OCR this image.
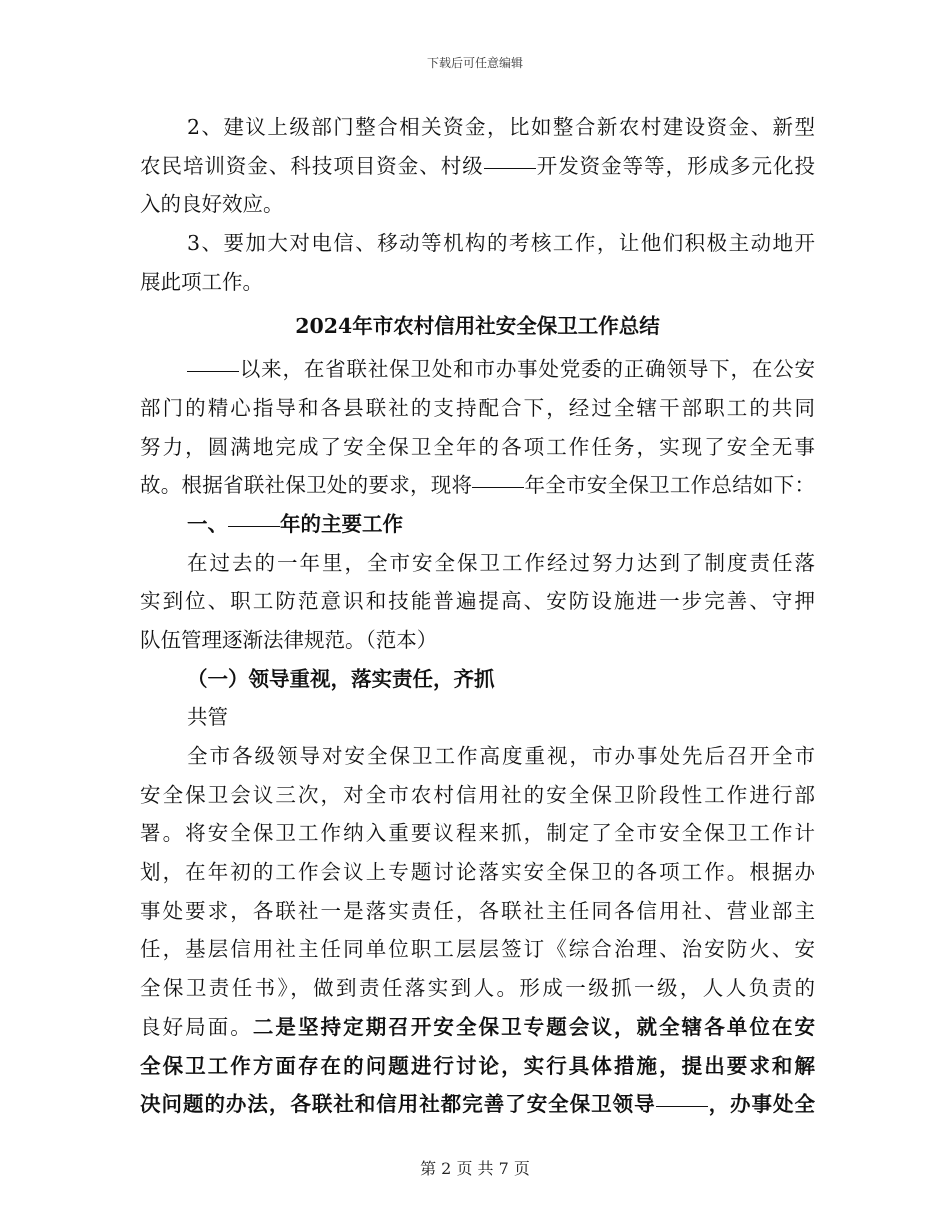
下载后可任意编辑
2、建议上级部门整合相关资金，比如整合新农村建设资金、新型
农民培训资金、科技项目资金、村级	开发资金等等，形成多元化投
入的良好效应。
3、要加大对电信、移动等机构的考核工作，让他们积极主动地开
展此项工作。
2024年市农村信用社安全保卫工作总结
以来，在省联社保卫处和市办事处党委的正确领导下，在公安
部门的精心指导和各县联社的支持配合下，经过全辖干部职工的共同
努力，圆满地完成了安全保卫全年的各项工作任务，实现了安全无事
故。根据省联社保卫处的要求，现将	年全市安全保卫工作总结如下：
一、	年的主要工作
在过去的一年里，全市安全保卫工作经过努力达到了制度责任落
实到位、职工防范意识和技能普遍提高、安防设施进一步完善、守押
队伍管理逐渐法律规范。（范本）
（一）领导重视，落实责任，齐抓
共管
全市各级领导对安全保卫工作高度重视，市办事处先后召开全市
安全保卫会议三次，对全市农村信用社的安全保卫阶段性工作进行部
署。将安全保卫工作纳入重要议程来抓，制定了全市安全保卫工作计
划，在年初的工作会议上专题讨论落实安全保卫的各项工作。根据办
事处要求，各联社一是落实责任，各联社主任同各信用社、营业部主
任，基层信用社主任同单位职工层层签订《综合治理、治安防火、安
全保卫责任书》，做到责任落实到人。形成一级抓一级，人人负责的
良好局面。二是坚持定期召开安全保卫专题会议，就全辖各单位在安
全保卫工作方面存在的问题进行讨论，实行具体措施，提出要求和解
决问题的办法，各联社和信用社都完善了安全保卫领导	，办事处全
第 2 页 共 7 页
